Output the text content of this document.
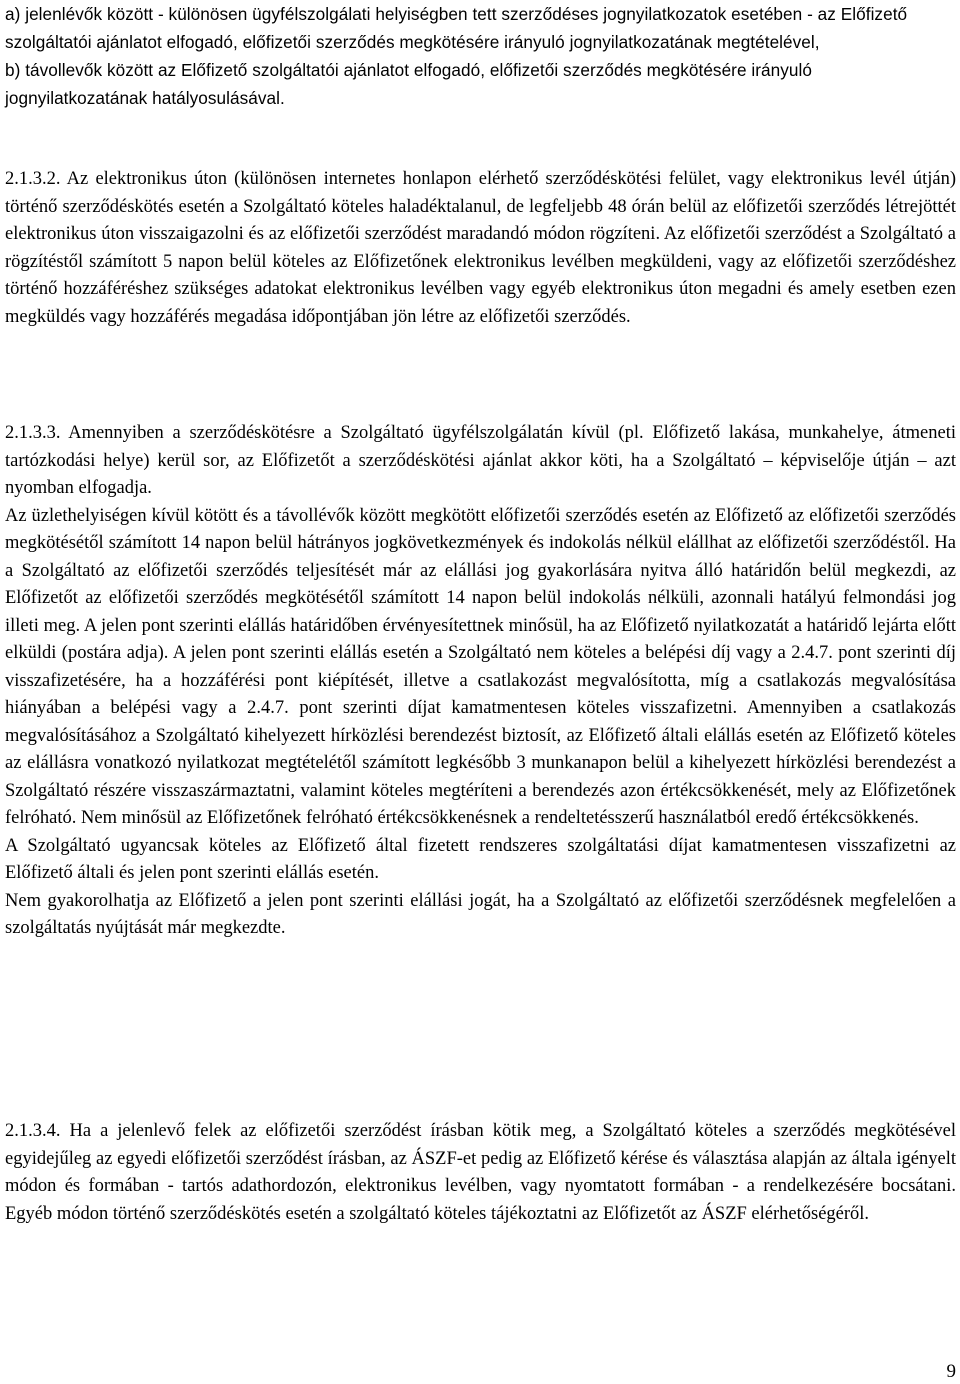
a) jelenlévők között - különösen ügyfélszolgálati helyiségben tett szerződéses jognyilatkozatok esetében - az Előfizető szolgáltatói ajánlatot elfogadó, előfizetői szerződés megkötésére irányuló jognyilatkozatának megtételével,

b) távollevők között az Előfizető szolgáltatói ajánlatot elfogadó, előfizetői szerződés megkötésére irányuló jognyilatkozatának hatályosulásával.

2.1.3.2. Az elektronikus úton (különösen internetes honlapon elérhető szerződéskötési felület, vagy elektronikus levél útján) történő szerződéskötés esetén a Szolgáltató köteles haladéktalanul, de legfeljebb 48 órán belül az előfizetői szerződés létrejöttét elektronikus úton visszaigazolni és az előfizetői szerződést maradandó módon rögzíteni. Az előfizetői szerződést a Szolgáltató a rögzítéstől számított 5 napon belül köteles az Előfizetőnek elektronikus levélben megküldeni, vagy az előfizetői szerződéshez történő hozzáféréshez szükséges adatokat elektronikus levélben vagy egyéb elektronikus úton megadni és amely esetben ezen megküldés vagy hozzáférés megadása időpontjában jön létre az előfizetői szerződés.

2.1.3.3. Amennyiben a szerződéskötésre a Szolgáltató ügyfélszolgálatán kívül (pl. Előfizető lakása, munkahelye, átmeneti tartózkodási helye) kerül sor, az Előfizetőt a szerződéskötési ajánlat akkor köti, ha a Szolgáltató – képviselője útján – azt nyomban elfogadja.

Az üzlethelyiségen kívül kötött és a távollévők között megkötött előfizetői szerződés esetén az Előfizető az előfizetői szerződés megkötésétől számított 14 napon belül hátrányos jogkövetkezmények és indokolás nélkül elállhat az előfizetői szerződéstől. Ha a Szolgáltató az előfizetői szerződés teljesítését már az elállási jog gyakorlására nyitva álló határidőn belül megkezdi, az Előfizetőt az előfizetői szerződés megkötésétől számított 14 napon belül indokolás nélküli, azonnali hatályú felmondási jog illeti meg. A jelen pont szerinti elállás határidőben érvényesítettnek minősül, ha az Előfizető nyilatkozatát a határidő lejárta előtt elküldi (postára adja). A jelen pont szerinti elállás esetén a Szolgáltató nem köteles a belépési díj vagy a 2.4.7. pont szerinti díj visszafizetésére, ha a hozzáférési pont kiépítését, illetve a csatlakozást megvalósította, míg a csatlakozás megvalósítása hiányában a belépési vagy a 2.4.7. pont szerinti díjat kamatmentesen köteles visszafizetni. Amennyiben a csatlakozás megvalósításához a Szolgáltató kihelyezett hírközlési berendezést biztosít, az Előfizető általi elállás esetén az Előfizető köteles az elállásra vonatkozó nyilatkozat megtételétől számított legkésőbb 3 munkanapon belül a kihelyezett hírközlési berendezést a Szolgáltató részére visszaszármaztatni, valamint köteles megtéríteni a berendezés azon értékcsökkenését, mely az Előfizetőnek felróható. Nem minősül az Előfizetőnek felróható értékcsökkenésnek a rendeltetésszerű használatból eredő értékcsökkenés.

A Szolgáltató ugyancsak köteles az Előfizető által fizetett rendszeres szolgáltatási díjat kamatmentesen visszafizetni az Előfizető általi és jelen pont szerinti elállás esetén.

Nem gyakorolhatja az Előfizető a jelen pont szerinti elállási jogát, ha a Szolgáltató az előfizetői szerződésnek megfelelően a szolgáltatás nyújtását már megkezdte.

2.1.3.4. Ha a jelenlevő felek az előfizetői szerződést írásban kötik meg, a Szolgáltató köteles a szerződés megkötésével egyidejűleg az egyedi előfizetői szerződést írásban, az ÁSZF-et pedig az Előfizető kérése és választása alapján az általa igényelt módon és formában - tartós adathordozón, elektronikus levélben, vagy nyomtatott formában - a rendelkezésére bocsátani. Egyéb módon történő szerződéskötés esetén a szolgáltató köteles tájékoztatni az Előfizetőt az ÁSZF elérhetőségéről.

9
